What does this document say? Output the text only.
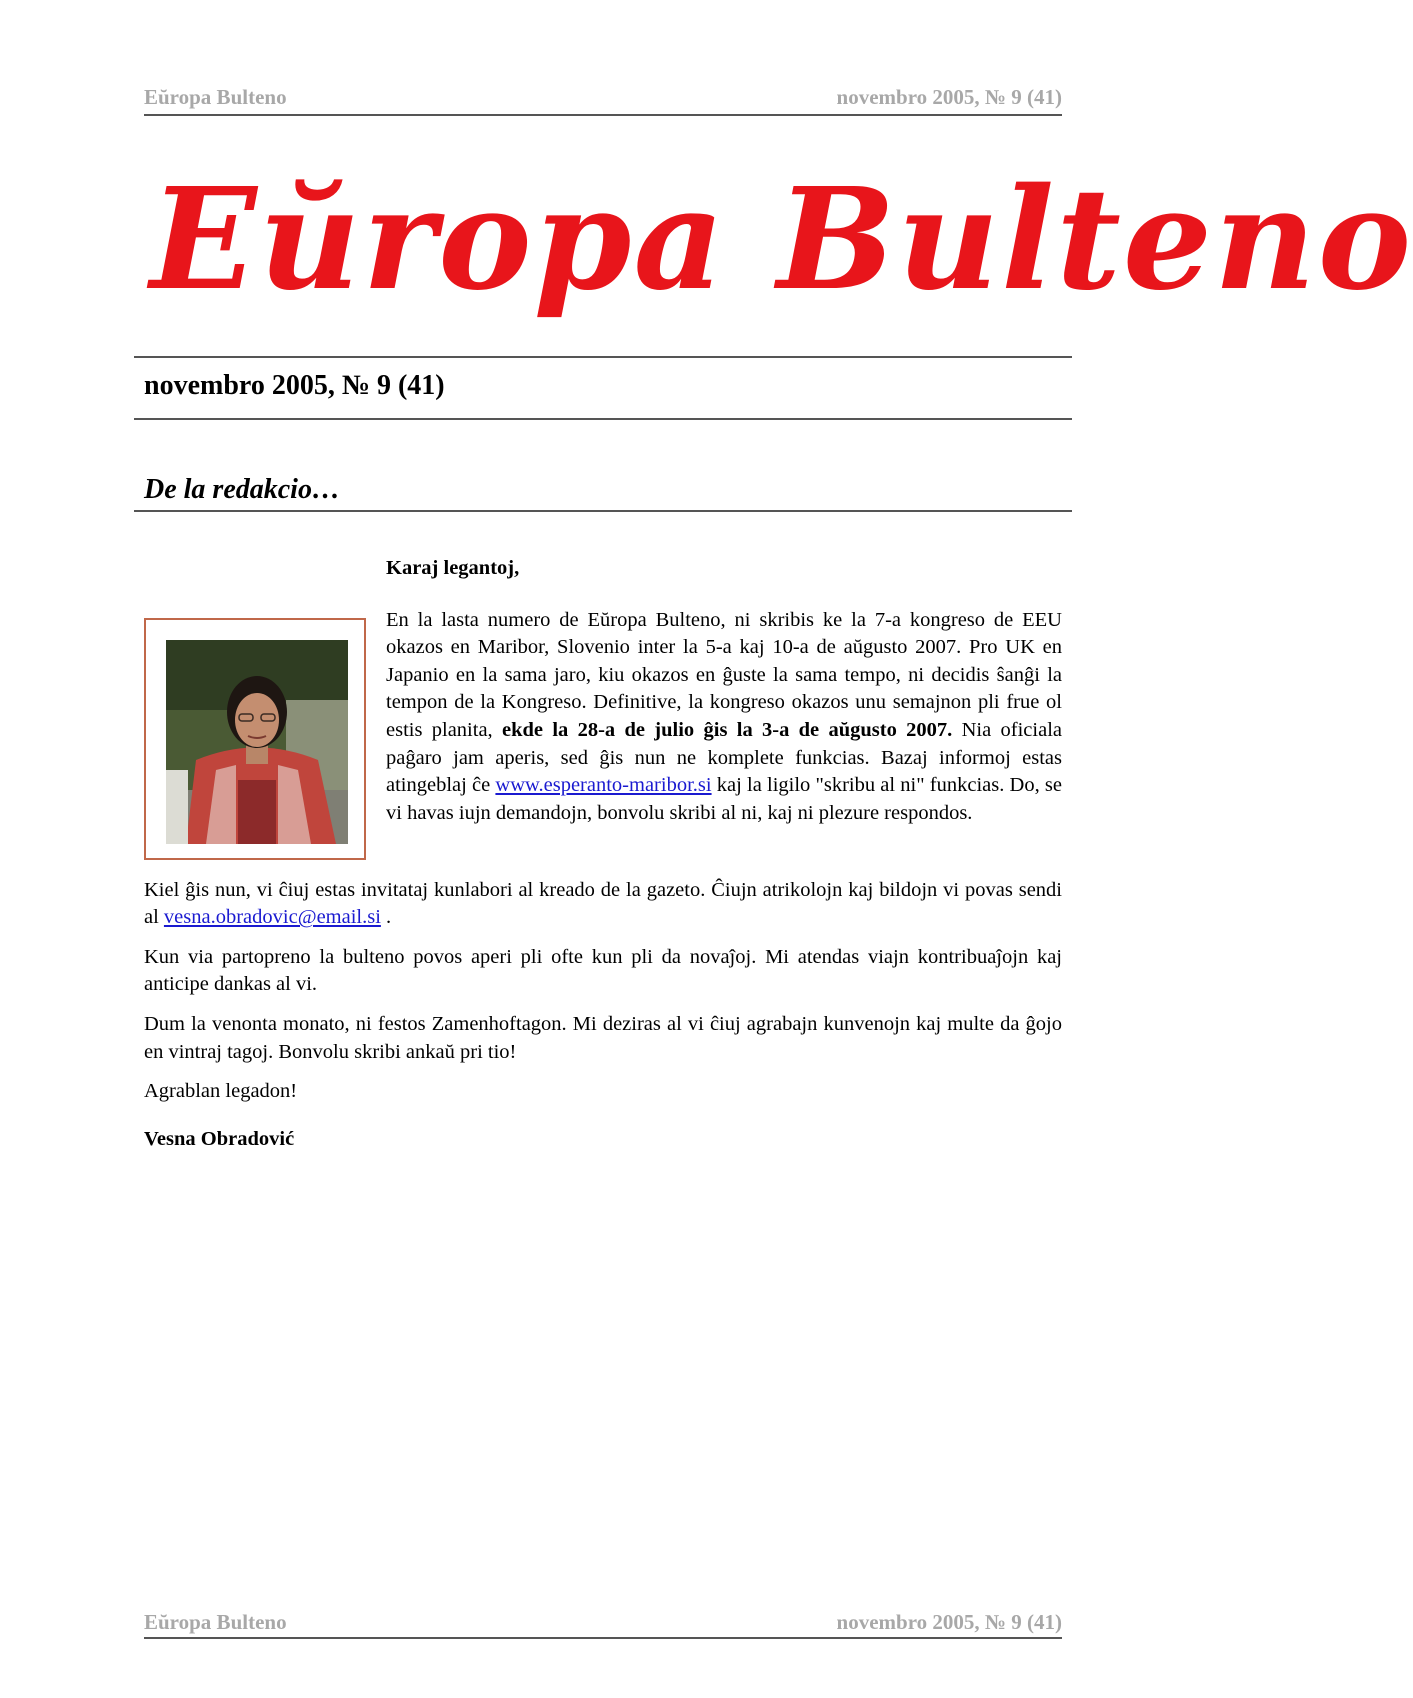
Eŭropa Bulteno	novembro 2005, № 9 (41)
Eŭropa Bulteno
novembro 2005, № 9 (41)
De la redakcio…

Karaj legantoj,

En la lasta numero de Eŭropa Bulteno, ni skribis ke la 7-a kongreso de EEU okazos en Maribor, Slovenio inter la 5-a kaj 10-a de aŭgusto 2007. Pro UK en Japanio en la sama jaro, kiu okazos en ĝuste la sama tempo, ni decidis ŝanĝi la tempon de la Kongreso. Definitive, la kongreso okazos unu semajnon pli frue ol estis planita, ekde la 28-a de julio ĝis la 3-a de aŭgusto 2007. Nia oficiala paĝaro jam aperis, sed ĝis nun ne komplete funkcias. Bazaj informoj estas atingeblaj ĉe www.esperanto-maribor.si kaj la ligilo "skribu al ni" funkcias. Do, se vi havas iujn demandojn, bonvolu skribi al ni, kaj ni plezure respondos.

Kiel ĝis nun, vi ĉiuj estas invitataj kunlabori al kreado de la gazeto. Ĉiujn atrikolojn kaj bildojn vi povas sendi al vesna.obradovic@email.si .

Kun via partopreno la bulteno povos aperi pli ofte kun pli da novaĵoj. Mi atendas viajn kontribuaĵojn kaj anticipe dankas al vi.

Dum la venonta monato, ni festos Zamenhoftagon. Mi deziras al vi ĉiuj agrabajn kunvenojn kaj multe da ĝojo en vintraj tagoj. Bonvolu skribi ankaŭ pri tio!

Agrablan legadon!

Vesna Obradović

Eŭropa Bulteno	novembro 2005, № 9 (41)
